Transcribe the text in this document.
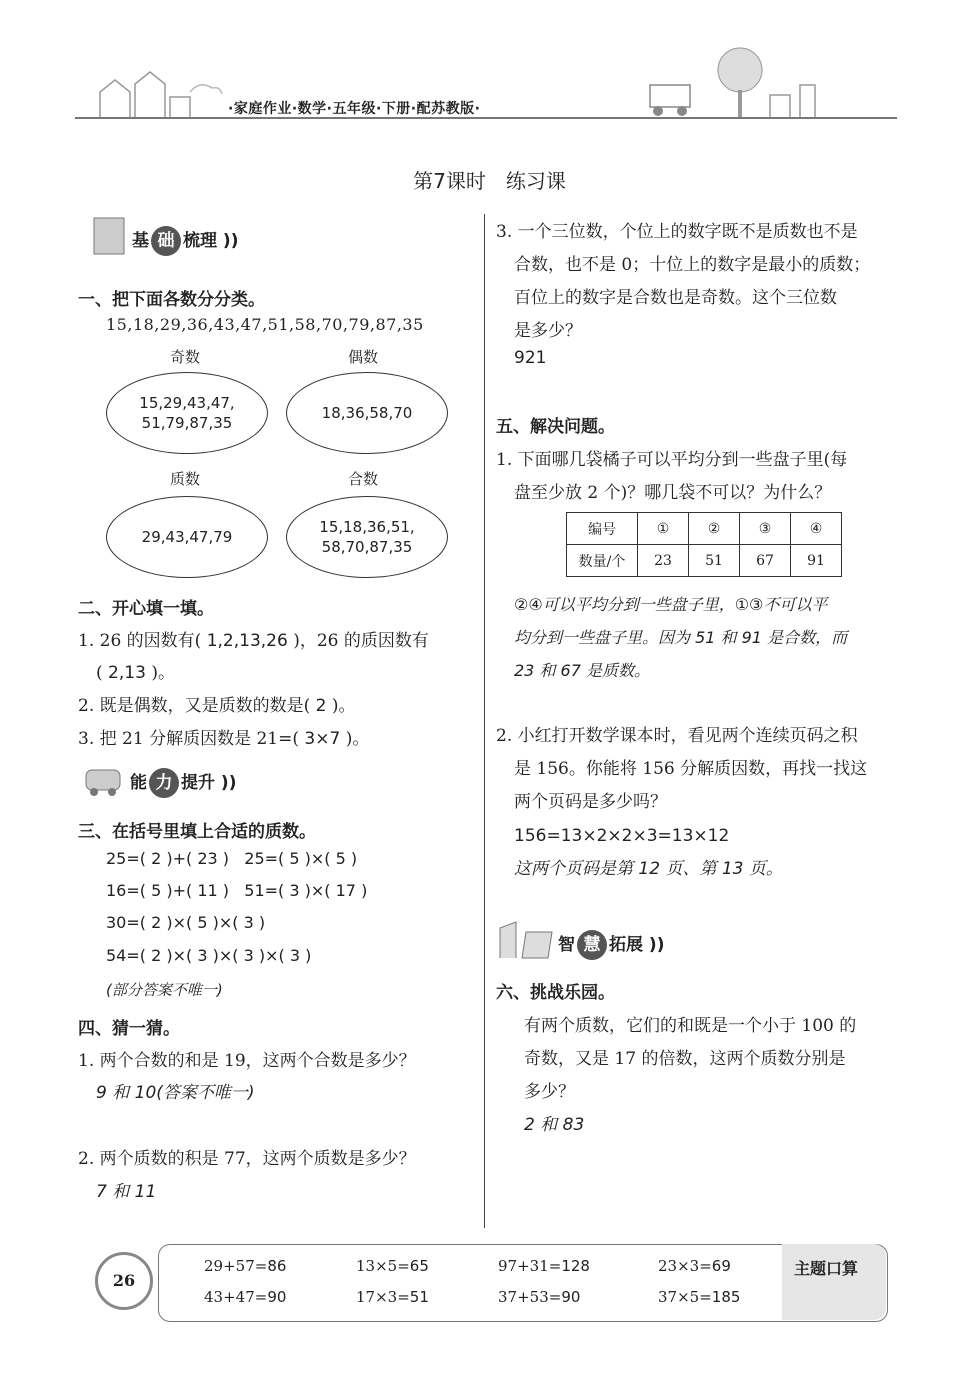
·家庭作业·数学·五年级·下册·配苏教版·
第7课时　练习课
基 础 梳理 ))
一、把下面各数分分类。
15,18,29,36,43,47,51,58,70,79,87,35
奇数	偶数
15,29,43,47,
51,79,87,35
18,36,58,70
质数	合数
29,43,47,79
15,18,36,51,
58,70,87,35
二、开心填一填。
1. 26 的因数有( 1,2,13,26 )，26 的质因数有
( 2,13 )。
2. 既是偶数，又是质数的数是( 2 )。
3. 把 21 分解质因数是 21=( 3×7 )。
能 力 提升 ))
三、在括号里填上合适的质数。
25=( 2 )+( 23 )   25=( 5 )×( 5 )
16=( 5 )+( 11 )   51=( 3 )×( 17 )
30=( 2 )×( 5 )×( 3 )
54=( 2 )×( 3 )×( 3 )×( 3 )
(部分答案不唯一)
四、猜一猜。
1. 两个合数的和是 19，这两个合数是多少？
9 和 10(答案不唯一)
2. 两个质数的积是 77，这两个质数是多少？
7 和 11
3. 一个三位数，个位上的数字既不是质数也不是
合数，也不是 0；十位上的数字是最小的质数；
百位上的数字是合数也是奇数。这个三位数
是多少？
921
五、解决问题。
1. 下面哪几袋橘子可以平均分到一些盘子里(每
盘至少放 2 个)？哪几袋不可以？为什么？
编号	①	②	③	④
数量/个	23	51	67	91
②④可以平均分到一些盘子里，①③不可以平
均分到一些盘子里。因为 51 和 91 是合数，而
23 和 67 是质数。
2. 小红打开数学课本时，看见两个连续页码之积
是 156。你能将 156 分解质因数，再找一找这
两个页码是多少吗？
156=13×2×2×3=13×12
这两个页码是第 12 页、第 13 页。
智 慧 拓展 ))
六、挑战乐园。
有两个质数，它们的和既是一个小于 100 的
奇数，又是 17 的倍数，这两个质数分别是
多少？
2 和 83
26
主题口算
29+57=86	13×5=65	97+31=128	23×3=69
43+47=90	17×3=51	37+53=90	37×5=185
